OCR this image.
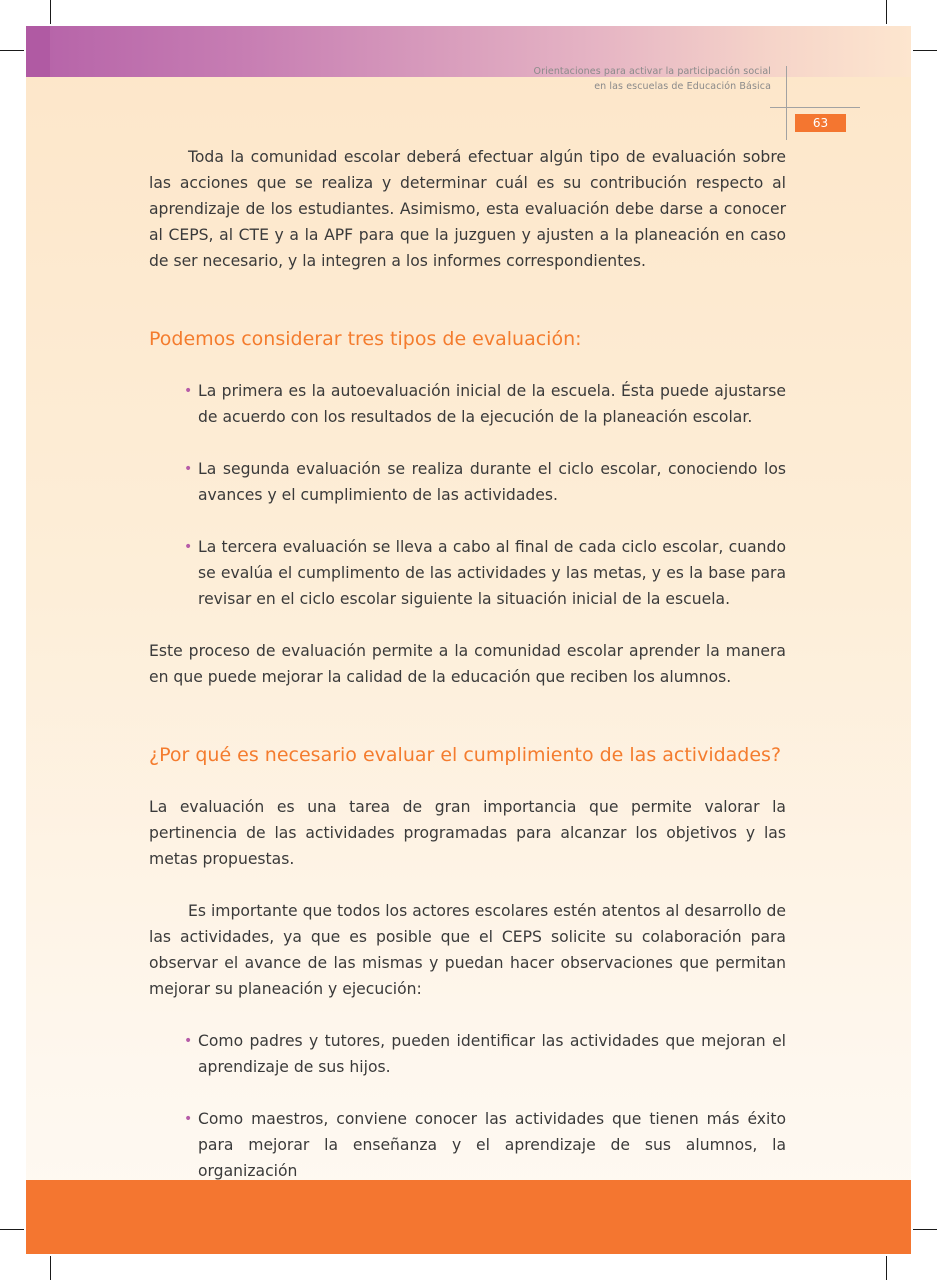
Orientaciones para activar la participación social
en las escuelas de Educación Básica
63

Toda la comunidad escolar deberá efectuar algún tipo de evaluación sobre las acciones que se realiza y determinar cuál es su contribución respecto al aprendizaje de los estudiantes. Asimismo, esta evaluación debe darse a conocer al CEPS, al CTE y a la APF para que la juzguen y ajusten a la planeación en caso de ser necesario, y la integren a los informes correspondientes.

Podemos considerar tres tipos de evaluación:
• La primera es la autoevaluación inicial de la escuela. Ésta puede ajustarse de acuerdo con los resultados de la ejecución de la planeación escolar.
• La segunda evaluación se realiza durante el ciclo escolar, conociendo los avances y el cumplimiento de las actividades.
• La tercera evaluación se lleva a cabo al final de cada ciclo escolar, cuando se evalúa el cumplimento de las actividades y las metas, y es la base para revisar en el ciclo escolar siguiente la situación inicial de la escuela.

Este proceso de evaluación permite a la comunidad escolar aprender la manera en que puede mejorar la calidad de la educación que reciben los alumnos.

¿Por qué es necesario evaluar el cumplimiento de las actividades?

La evaluación es una tarea de gran importancia que permite valorar la pertinencia de las actividades programadas para alcanzar los objetivos y las metas propuestas.

Es importante que todos los actores escolares estén atentos al desarrollo de las actividades, ya que es posible que el CEPS solicite su colaboración para observar el avance de las mismas y puedan hacer observaciones que permitan mejorar su planeación y ejecución:

• Como padres y tutores, pueden identificar las actividades que mejoran el aprendizaje de sus hijos.
• Como maestros, conviene conocer las actividades que tienen más éxito para mejorar la enseñanza y el aprendizaje de sus alumnos, la organización
